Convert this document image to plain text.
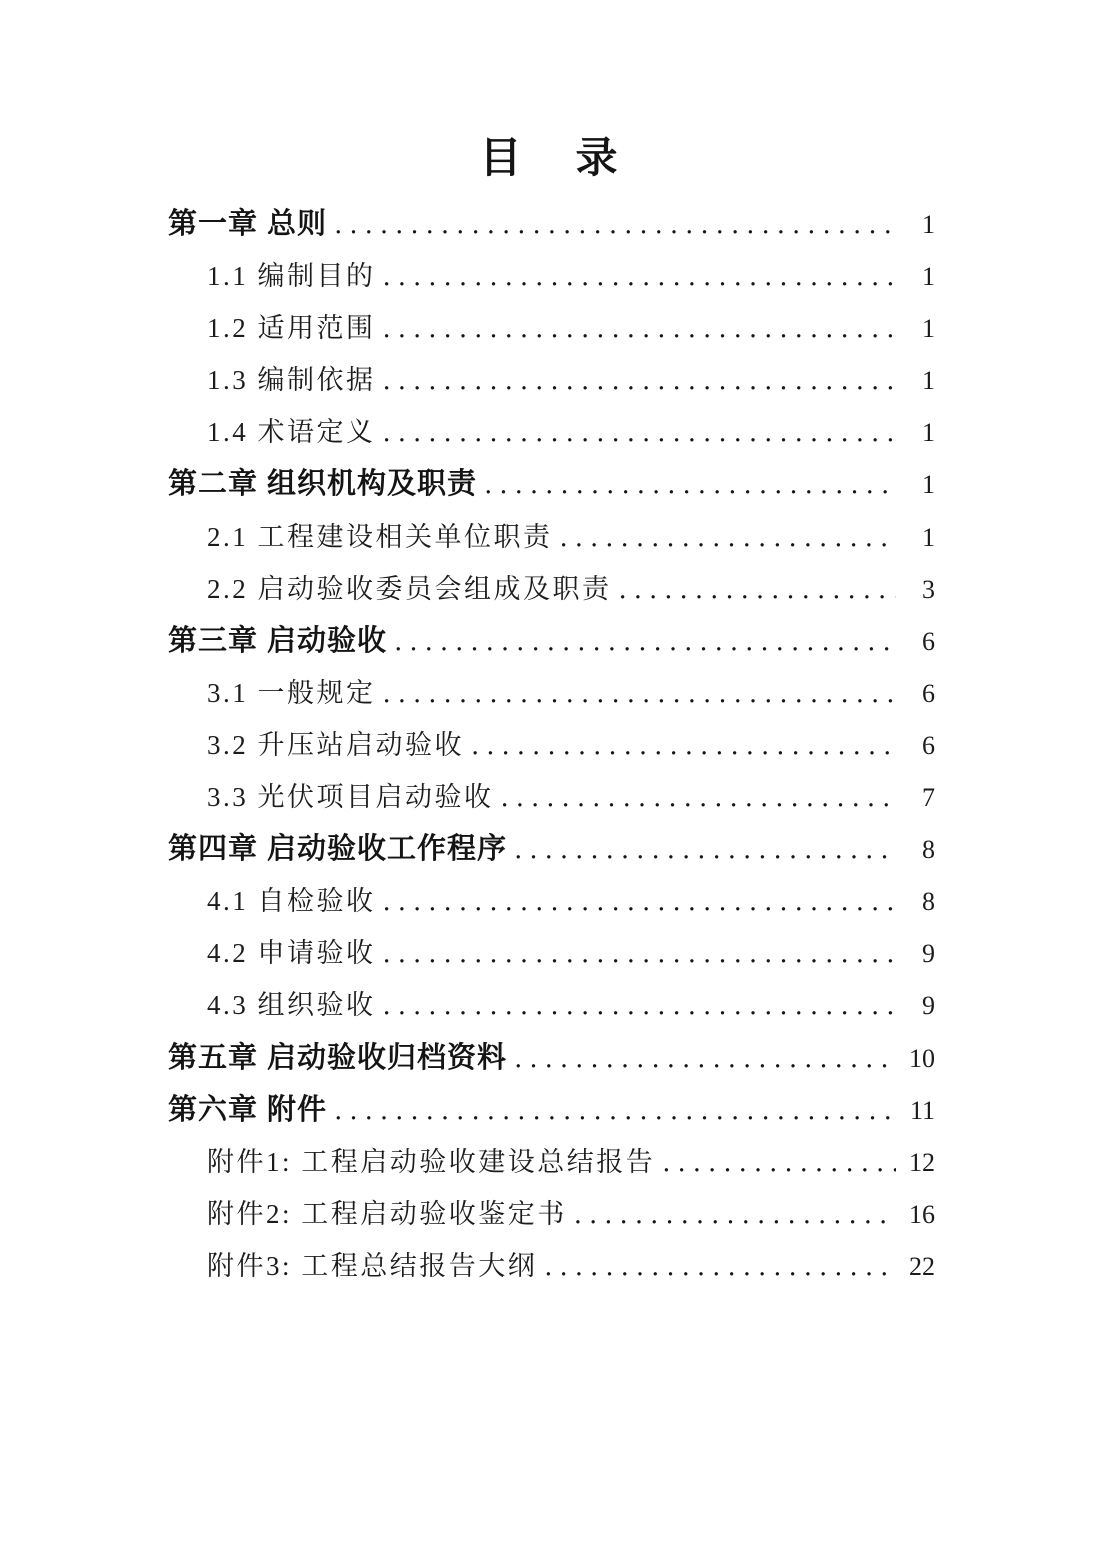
目　录
第一章 总则 .....	1
1.1 编制目的 .....	1
1.2 适用范围 .....	1
1.3 编制依据 .....	1
1.4 术语定义 .....	1
第二章 组织机构及职责 .....	1
2.1 工程建设相关单位职责 .....	1
2.2 启动验收委员会组成及职责 .....	3
第三章 启动验收 .....	6
3.1 一般规定 .....	6
3.2 升压站启动验收 .....	6
3.3 光伏项目启动验收 .....	7
第四章 启动验收工作程序 .....	8
4.1 自检验收 .....	8
4.2 申请验收 .....	9
4.3 组织验收 .....	9
第五章 启动验收归档资料 .....	10
第六章 附件 .....	11
附件1: 工程启动验收建设总结报告 .....	12
附件2: 工程启动验收鉴定书 .....	16
附件3: 工程总结报告大纲 .....	22
